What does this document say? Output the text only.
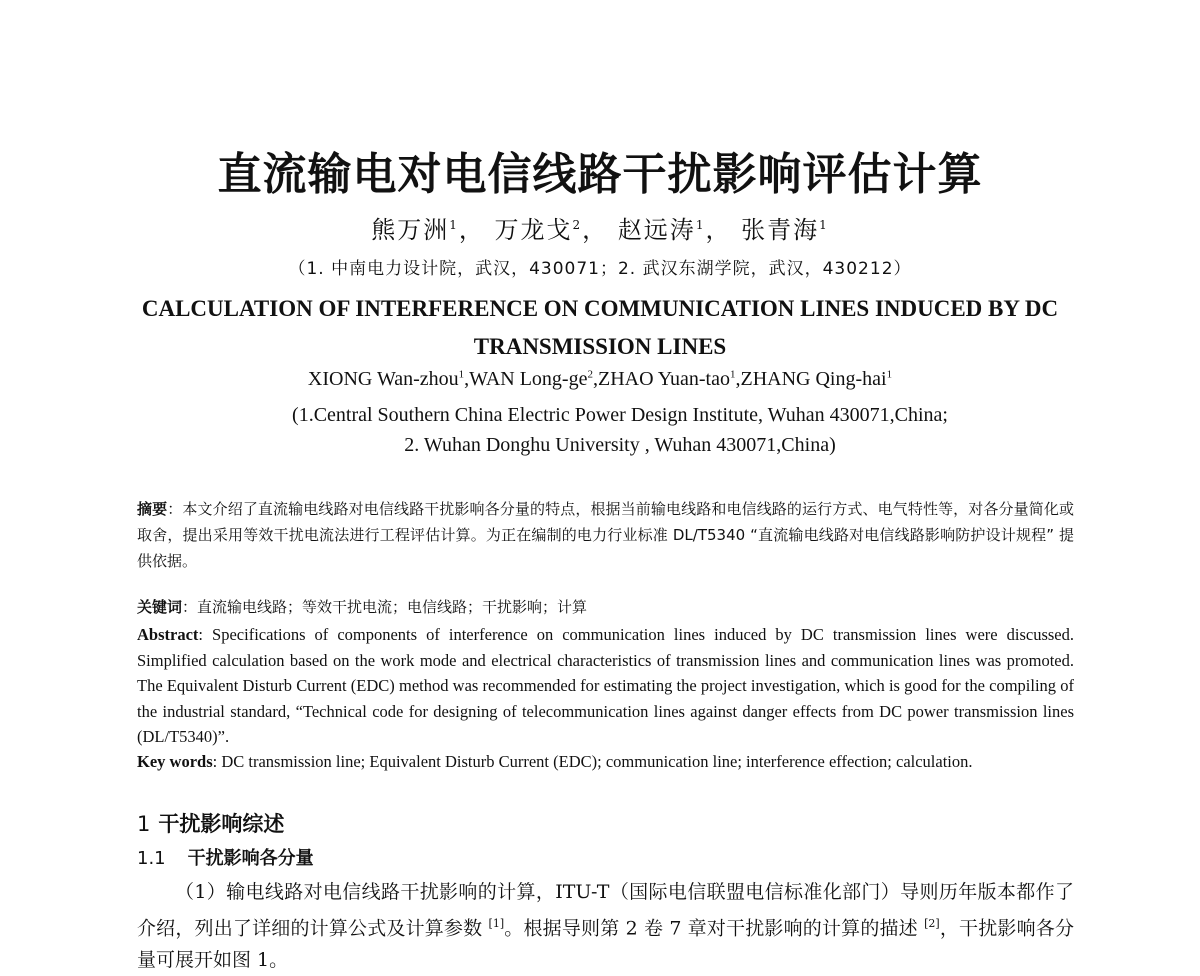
直流输电对电信线路干扰影响评估计算
熊万洲$^1$， 万龙戈$^2$， 赵远涛$^1$， 张青海$^1$
（1. 中南电力设计院，武汉，430071；2. 武汉东湖学院，武汉，430212）
CALCULATION OF INTERFERENCE ON COMMUNICATION LINES INDUCED BY DC TRANSMISSION LINES
XIONG Wan-zhou$^1$,WAN Long-$ge^2,ZHAO$ Yuan-tao$^1$,ZHANG Qing-hai$^1$
(1.Central Southern China Electric Power Design Institute, Wuhan 430071,China;
2. Wuhan Donghu University , Wuhan 430071,China)
摘要：本文介绍了直流输电线路对电信线路干扰影响各分量的特点，根据当前输电线路和电信线路的运行方式、电气特性等，对各分量简化或取舍，提出采用等效干扰电流法进行工程评估计算。为正在编制的电力行业标准 DL/T5340 “直流输电线路对电信线路影响防护设计规程” 提供依据。
关键词：直流输电线路；等效干扰电流；电信线路；干扰影响；计算
Abstract: Specifications of components of interference on communication lines induced by DC transmission lines were discussed. Simplified calculation based on the work mode and electrical characteristics of transmission lines and communication lines was promoted. The Equivalent Disturb Current (EDC) method was recommended for estimating the project investigation, which is good for the compiling of the industrial standard, “Technical code for designing of telecommunication lines against danger effects from DC power transmission lines (DL/T5340)”.
Key words: DC transmission line; Equivalent Disturb Current (EDC); communication line; interference effection; calculation.
1 干扰影响综述
1.1 干扰影响各分量
（1）输电线路对电信线路干扰影响的计算，ITU-T（国际电信联盟电信标准化部门）导则历年版本都作了介绍，列出了详细的计算公式及计算参数 [1]。根据导则第 2 卷 7 章对干扰影响的计算的描述 [2]，干扰影响各分量可展开如图 1。
